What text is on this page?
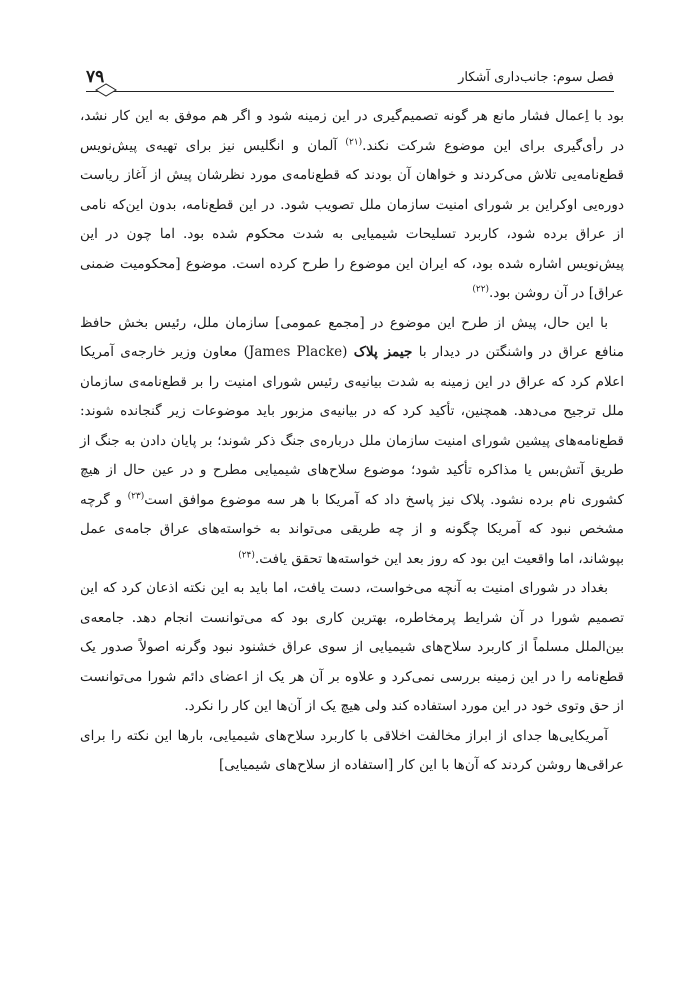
فصل سوم: جانب‌داری آشکار
۷۹

بود با اِعمال فشار مانع هر گونه تصمیم‌گیری در این زمینه شود و اگر هم موفق به این کار نشد، در رأی‌گیری برای این موضوع شرکت نکند.$^{(۲۱)}$ آلمان و انگلیس نیز برای تهیه‌ی پیش‌نویس قطع‌نامه‌یی تلاش می‌کردند و خواهان آن بودند که قطع‌نامه‌ی مورد نظرشان پیش از آغاز ریاست دوره‌یی اوکراین بر شورای امنیت سازمان ملل تصویب شود. در این قطع‌نامه، بدون این‌که نامی از عراق برده شود، کاربرد تسلیحات شیمیایی به شدت محکوم شده بود. اما چون در این پیش‌نویس اشاره شده بود، که ایران این موضوع را طرح کرده است. موضوع [محکومیت ضمنی عراق] در آن روشن بود.$^{(۲۲)}$

با این حال، پیش از طرح این موضوع در [مجمع عمومی] سازمان ملل، رئیس بخش حافظ منافع عراق در واشنگتن در دیدار با جیمز پلاک (James Placke) معاون وزیر خارجه‌ی آمریکا اعلام کرد که عراق در این زمینه به شدت بیانیه‌ی رئیس شورای امنیت را بر قطع‌نامه‌ی سازمان ملل ترجیح می‌دهد. همچنین، تأکید کرد که در بیانیه‌ی مزبور باید موضوعات زیر گنجانده شوند: قطع‌نامه‌های پیشین شورای امنیت سازمان ملل درباره‌ی جنگ ذکر شوند؛ بر پایان دادن به جنگ از طریق آتش‌بس یا مذاکره تأکید شود؛ موضوع سلاح‌های شیمیایی مطرح و در عین حال از هیچ کشوری نام برده نشود. پلاک نیز پاسخ داد که آمریکا با هر سه موضوع موافق است$^{(۲۳)}$ و گرچه مشخص نبود که آمریکا چگونه و از چه طریقی می‌تواند به خواسته‌های عراق جامه‌ی عمل بپوشاند، اما واقعیت این بود که روز بعد این خواسته‌ها تحقق یافت.$^{(۲۴)}$

بغداد در شورای امنیت به آنچه می‌خواست، دست یافت، اما باید به این نکته اذعان کرد که این تصمیم شورا در آن شرایط پرمخاطره، بهترین کاری بود که می‌توانست انجام دهد. جامعه‌ی بین‌الملل مسلماً از کاربرد سلاح‌های شیمیایی از سوی عراق خشنود نبود وگرنه اصولاً صدور یک قطع‌نامه را در این زمینه بررسی نمی‌کرد و علاوه بر آن هر یک از اعضای دائم شورا می‌توانست از حق وتوی خود در این مورد استفاده کند ولی هیچ یک از آن‌ها این کار را نکرد.

آمریکایی‌ها جدای از ابراز مخالفت اخلاقی با کاربرد سلاح‌های شیمیایی، بارها این نکته را برای عراقی‌ها روشن کردند که آن‌ها با این کار [استفاده از سلاح‌های شیمیایی]
